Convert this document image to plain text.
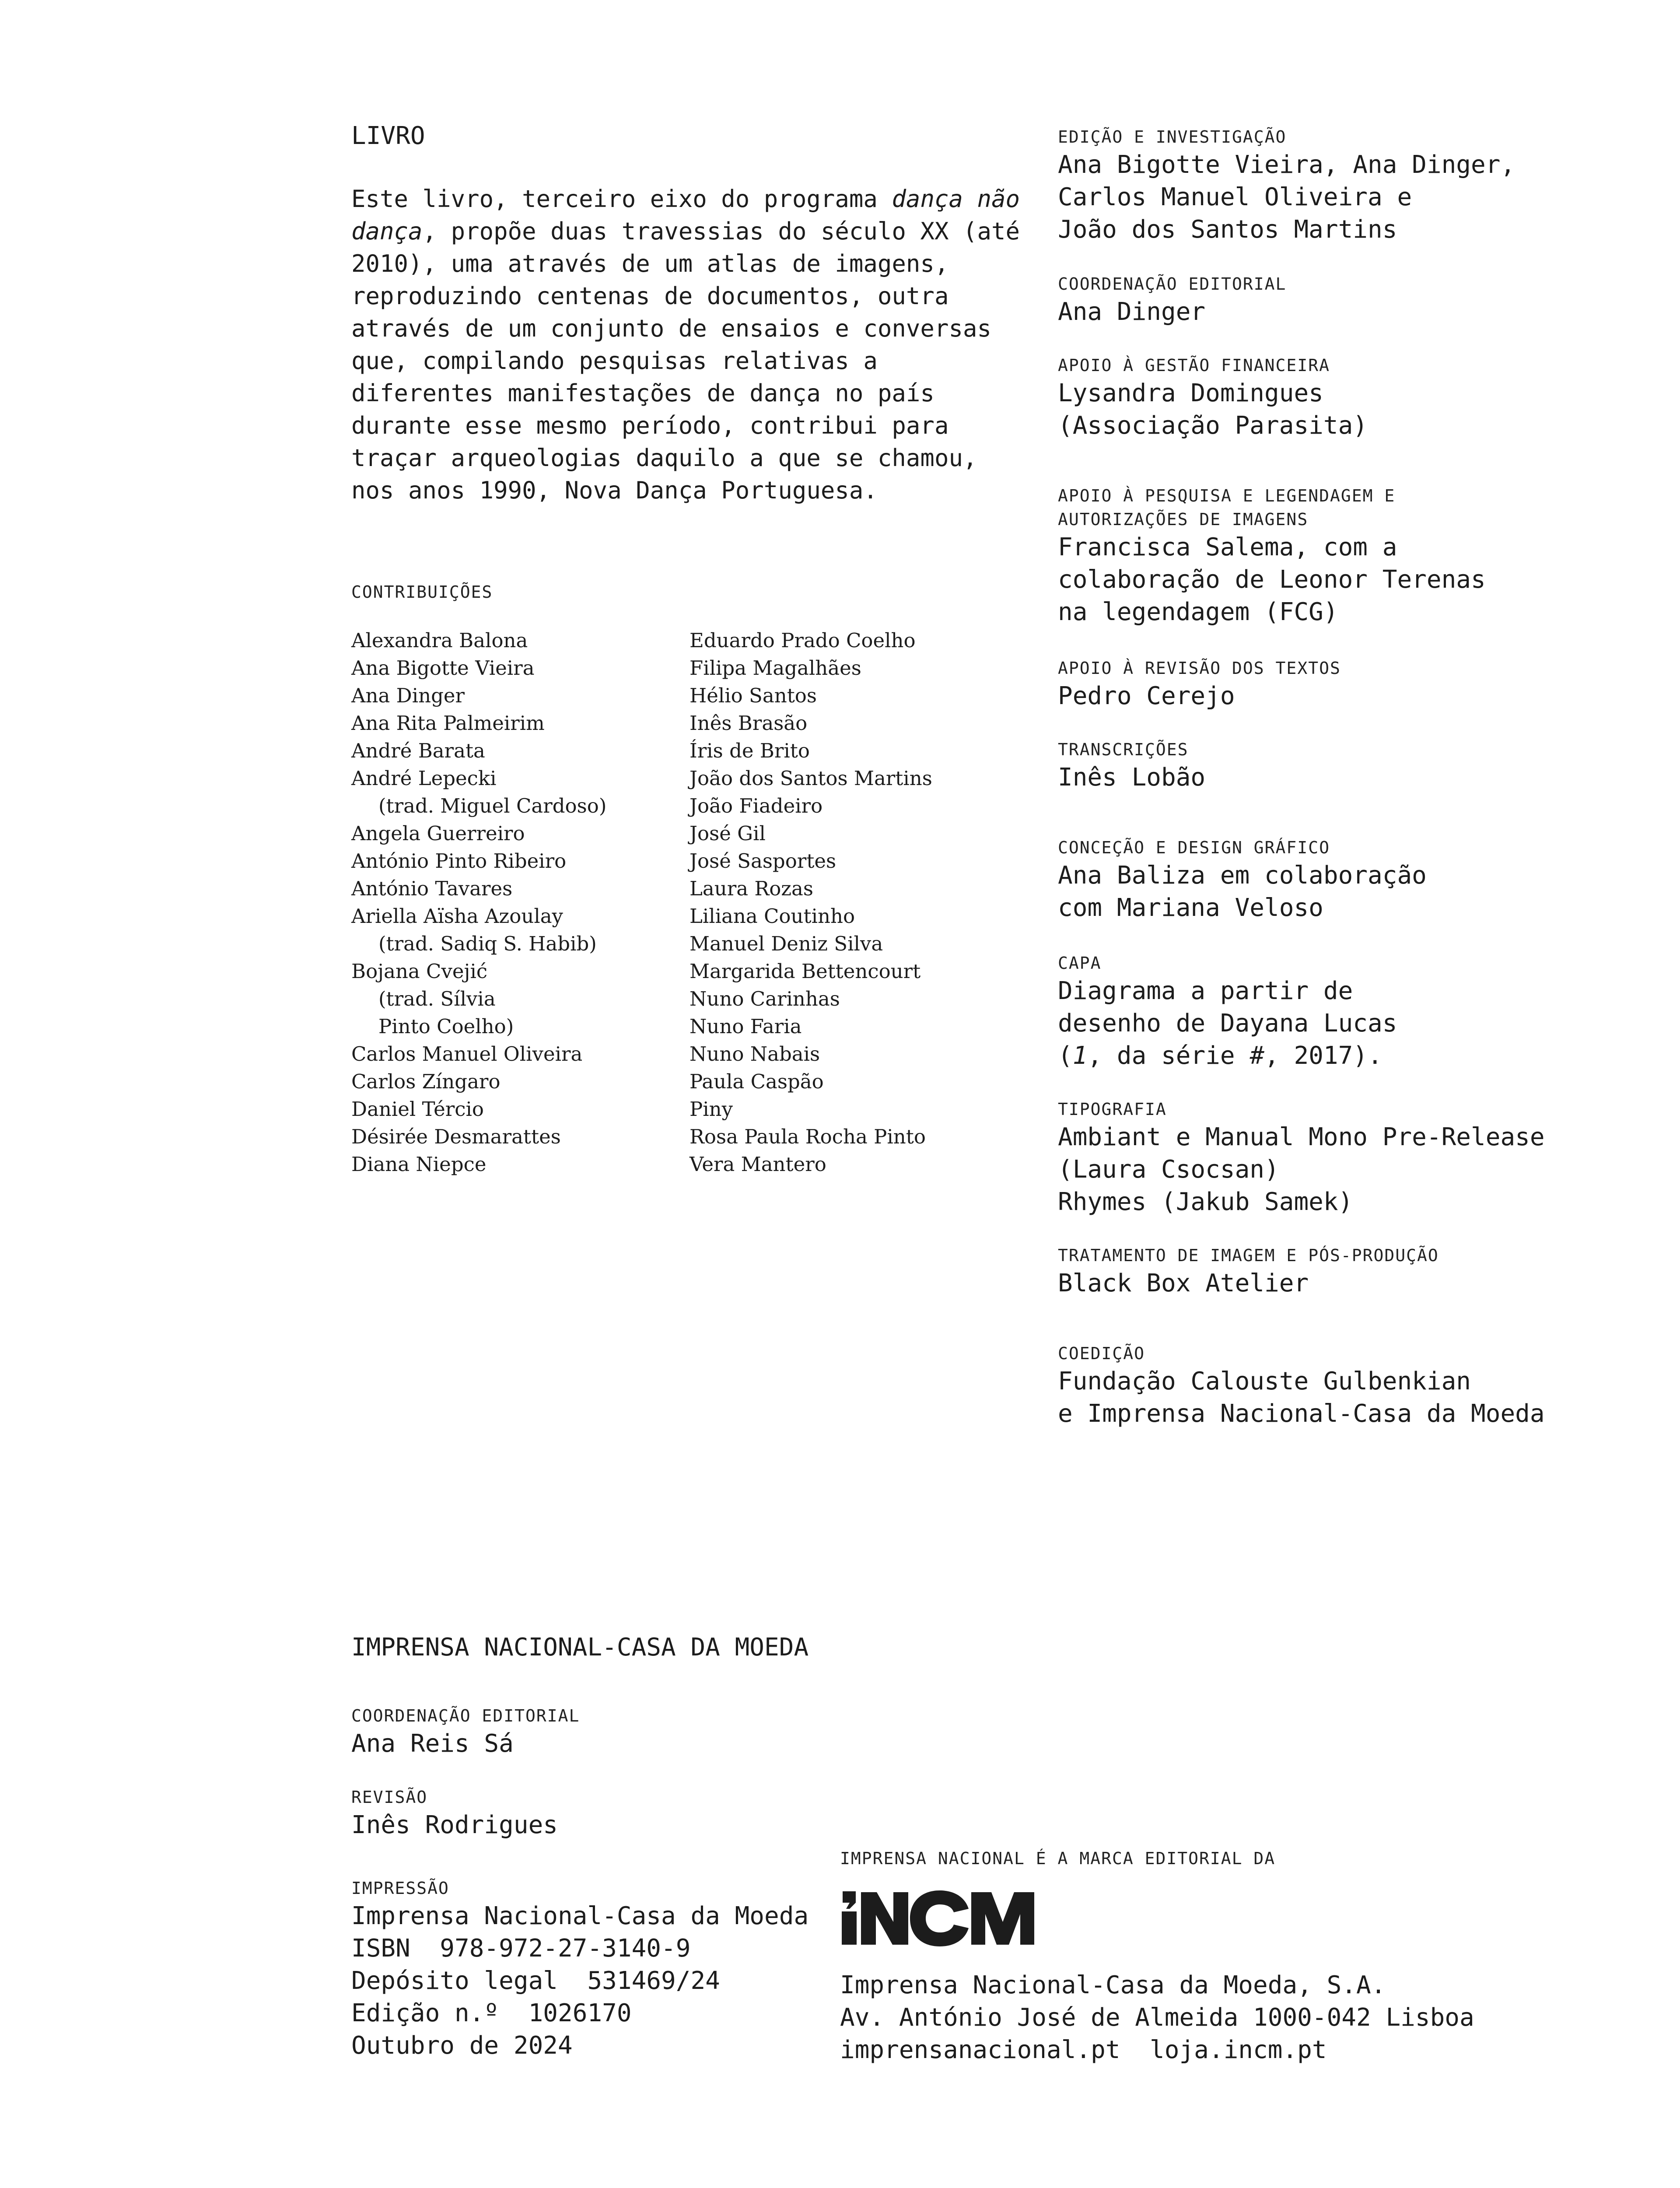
LIVRO

Este livro, terceiro eixo do programa dança não dança, propõe duas travessias do século XX (até 2010), uma através de um atlas de imagens, reproduzindo centenas de documentos, outra através de um conjunto de ensaios e conversas que, compilando pesquisas relativas a diferentes manifestações de dança no país durante esse mesmo período, contribui para traçar arqueologias daquilo a que se chamou, nos anos 1990, Nova Dança Portuguesa.

CONTRIBUIÇÕES
Alexandra Balona
Ana Bigotte Vieira
Ana Dinger
Ana Rita Palmeirim
André Barata
André Lepecki
(trad. Miguel Cardoso)
Angela Guerreiro
António Pinto Ribeiro
António Tavares
Ariella Aïsha Azoulay
(trad. Sadiq S. Habib)
Bojana Cvejić
(trad. Sílvia
Pinto Coelho)
Carlos Manuel Oliveira
Carlos Zíngaro
Daniel Tércio
Désirée Desmarattes
Diana Niepce
Eduardo Prado Coelho
Filipa Magalhães
Hélio Santos
Inês Brasão
Íris de Brito
João dos Santos Martins
João Fiadeiro
José Gil
José Sasportes
Laura Rozas
Liliana Coutinho
Manuel Deniz Silva
Margarida Bettencourt
Nuno Carinhas
Nuno Faria
Nuno Nabais
Paula Caspão
Piny
Rosa Paula Rocha Pinto
Vera Mantero
EDIÇÃO E INVESTIGAÇÃO
Ana Bigotte Vieira, Ana Dinger,
Carlos Manuel Oliveira e
João dos Santos Martins
COORDENAÇÃO EDITORIAL
Ana Dinger
APOIO À GESTÃO FINANCEIRA
Lysandra Domingues
(Associação Parasita)
APOIO À PESQUISA E LEGENDAGEM E
AUTORIZAÇÕES DE IMAGENS
Francisca Salema, com a
colaboração de Leonor Terenas
na legendagem (FCG)
APOIO À REVISÃO DOS TEXTOS
Pedro Cerejo
TRANSCRIÇÕES
Inês Lobão
CONCEÇÃO E DESIGN GRÁFICO
Ana Baliza em colaboração
com Mariana Veloso
CAPA
Diagrama a partir de
desenho de Dayana Lucas
(1, da série #, 2017).
TIPOGRAFIA
Ambiant e Manual Mono Pre-Release
(Laura Csocsan)
Rhymes (Jakub Samek)
TRATAMENTO DE IMAGEM E PÓS-PRODUÇÃO
Black Box Atelier
COEDIÇÃO
Fundação Calouste Gulbenkian
e Imprensa Nacional-Casa da Moeda
IMPRENSA NACIONAL-CASA DA MOEDA
COORDENAÇÃO EDITORIAL
Ana Reis Sá
REVISÃO
Inês Rodrigues
IMPRESSÃO
Imprensa Nacional-Casa da Moeda
ISBN  978-972-27-3140-9
Depósito legal  531469/24
Edição n.º  1026170
Outubro de 2024
IMPRENSA NACIONAL É A MARCA EDITORIAL DA
Imprensa Nacional-Casa da Moeda, S.A.
Av. António José de Almeida 1000-042 Lisboa
imprensanacional.pt  loja.incm.pt
